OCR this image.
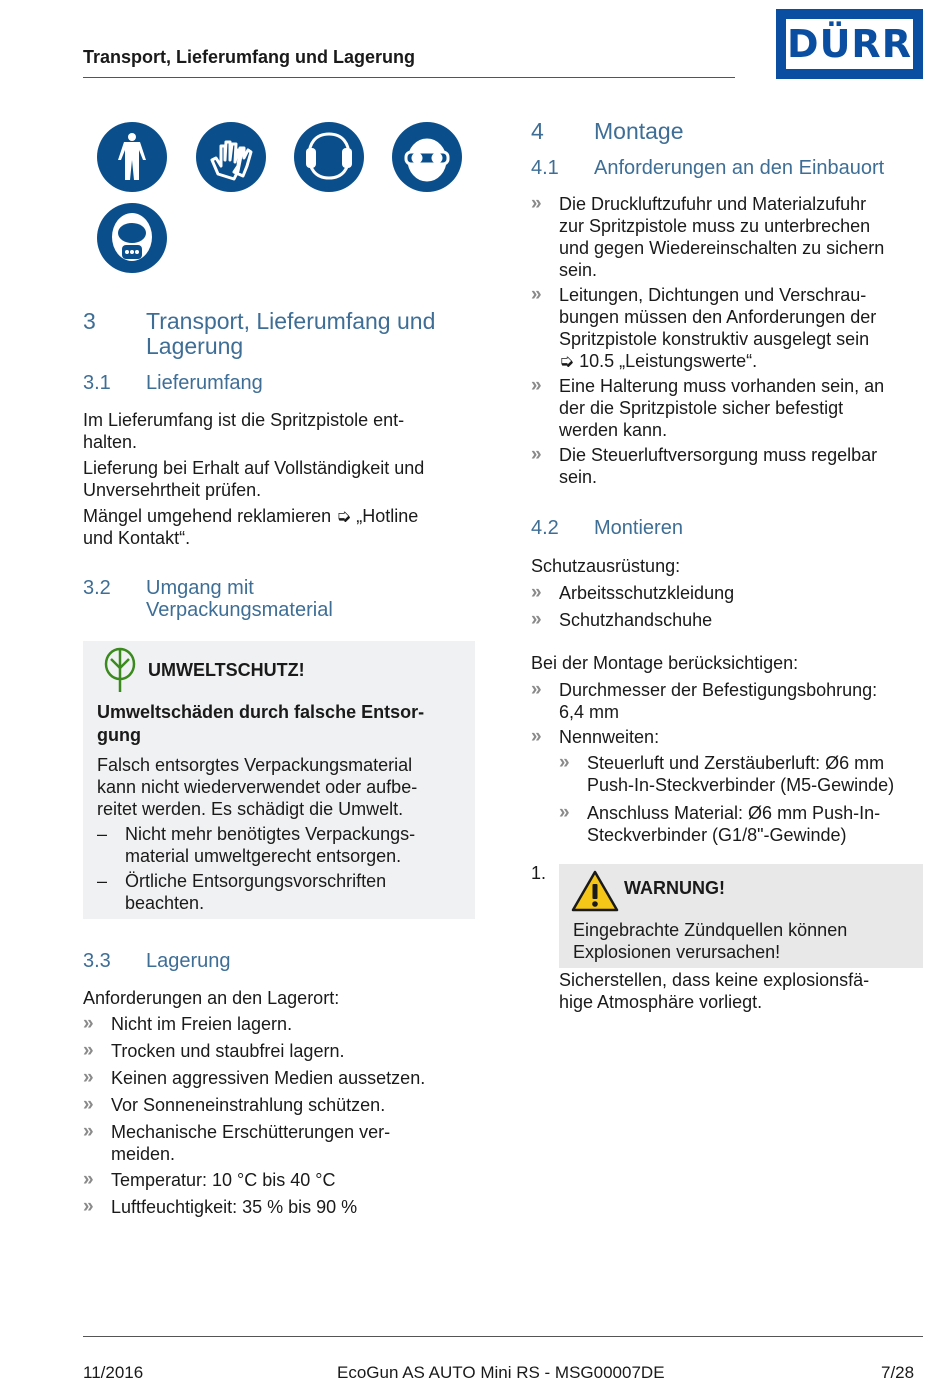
Transport, Lieferumfang und Lagerung	DÜRR
3 Transport, Lieferumfang und Lagerung
3.1 Lieferumfang
Im Lieferumfang ist die Spritzpistole ent-
halten.
Lieferung bei Erhalt auf Vollständigkeit und
Unversehrtheit prüfen.
Mängel umgehend reklamieren ➭ „Hotline
und Kontakt“.
3.2 Umgang mit
Verpackungsmaterial
UMWELTSCHUTZ!
Umweltschäden durch falsche Entsor-
gung
Falsch entsorgtes Verpackungsmaterial
kann nicht wiederverwendet oder aufbe-
reitet werden. Es schädigt die Umwelt.
– Nicht mehr benötigtes Verpackungs-
material umweltgerecht entsorgen.
– Örtliche Entsorgungsvorschriften
beachten.
3.3 Lagerung
Anforderungen an den Lagerort:
» Nicht im Freien lagern.
» Trocken und staubfrei lagern.
» Keinen aggressiven Medien aussetzen.
» Vor Sonneneinstrahlung schützen.
» Mechanische Erschütterungen ver-
meiden.
» Temperatur: 10 °C bis 40 °C
» Luftfeuchtigkeit: 35 % bis 90 %
4 Montage
4.1 Anforderungen an den Einbauort
» Die Druckluftzufuhr und Materialzufuhr
zur Spritzpistole muss zu unterbrechen
und gegen Wiedereinschalten zu sichern
sein.
» Leitungen, Dichtungen und Verschrau-
bungen müssen den Anforderungen der
Spritzpistole konstruktiv ausgelegt sein
➭ 10.5 „Leistungswerte“.
» Eine Halterung muss vorhanden sein, an
der die Spritzpistole sicher befestigt
werden kann.
» Die Steuerluftversorgung muss regelbar
sein.
4.2 Montieren
Schutzausrüstung:
» Arbeitsschutzkleidung
» Schutzhandschuhe
Bei der Montage berücksichtigen:
» Durchmesser der Befestigungsbohrung:
6,4 mm
» Nennweiten:
» Steuerluft und Zerstäuberluft: Ø6 mm
Push-In-Steckverbinder (M5-Gewinde)
» Anschluss Material: Ø6 mm Push-In-
Steckverbinder (G1/8"-Gewinde)
1.
WARNUNG!
Eingebrachte Zündquellen können
Explosionen verursachen!
Sicherstellen, dass keine explosionsfä-
hige Atmosphäre vorliegt.
11/2016	EcoGun AS AUTO Mini RS - MSG00007DE	7/28
